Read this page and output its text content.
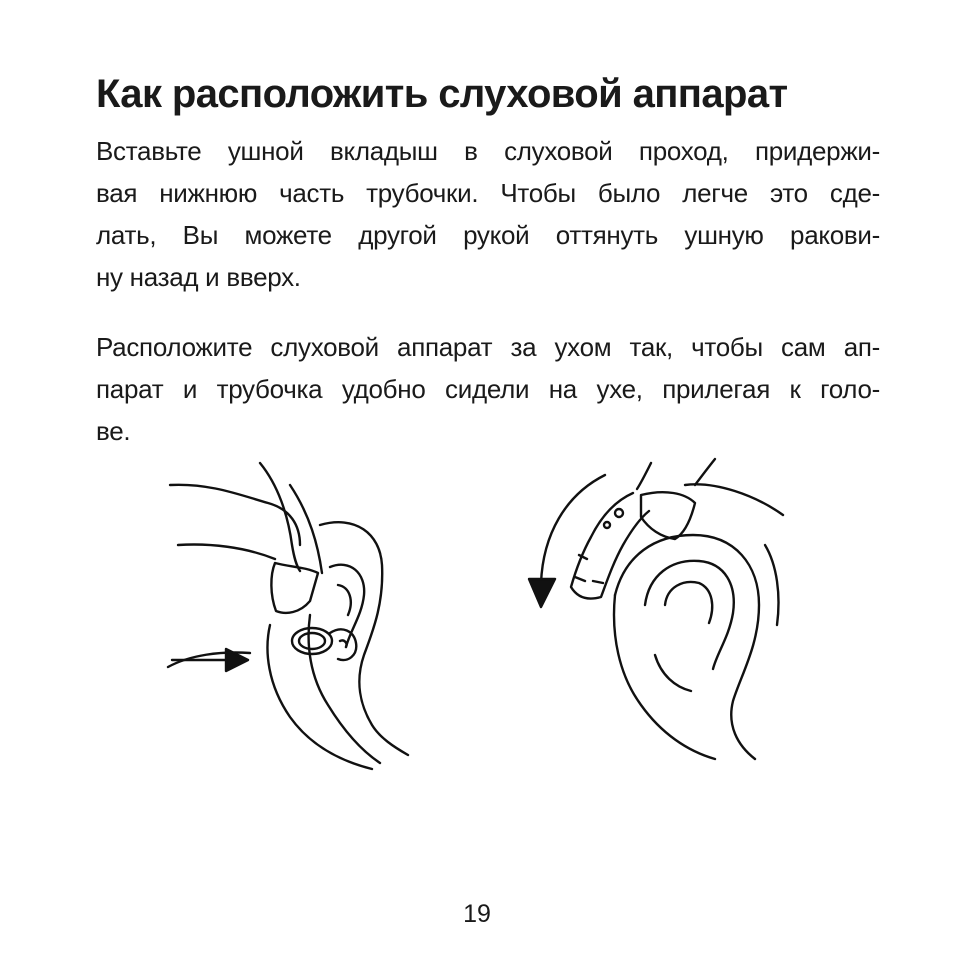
Как расположить слуховой аппарат
Вставьте ушной вкладыш в слуховой проход, придержи-
вая нижнюю часть трубочки. Чтобы было легче это сде-
лать, Вы можете другой рукой оттянуть ушную ракови-
ну назад и вверх.
Расположите слуховой аппарат за ухом так, чтобы сам ап-
парат и трубочка удобно сидели на ухе, прилегая к голо-
ве.
19
